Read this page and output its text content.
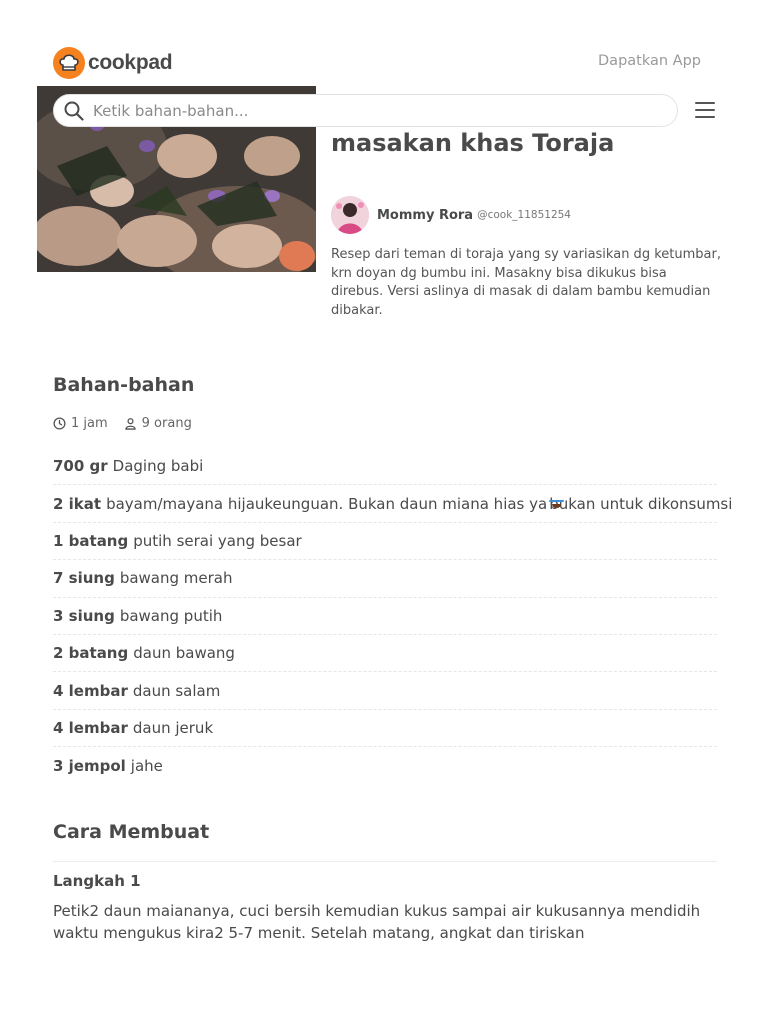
cookpad	Dapatkan App
Ketik bahan-bahan...
masakan khas Toraja
Mommy Rora @cook_11851254

Resep dari teman di toraja yang sy variasikan dg ketumbar, krn doyan dg bumbu ini. Masakny bisa dikukus bisa direbus. Versi aslinya di masak di dalam bambu kemudian dibakar.

Bahan-bahan
1 jam	9 orang
700 gr Daging babi
2 ikat bayam/mayana hijaukeunguan. Bukan daun miana hias ya bukan untuk dikonsumsi
1 batang putih serai yang besar
7 siung bawang merah
3 siung bawang putih
2 batang daun bawang
4 lembar daun salam
4 lembar daun jeruk
3 jempol jahe
Cara Membuat
Langkah 1

Petik2 daun maiananya, cuci bersih kemudian kukus sampai air kukusannya mendidih waktu mengukus kira2 5-7 menit. Setelah matang, angkat dan tiriskan
